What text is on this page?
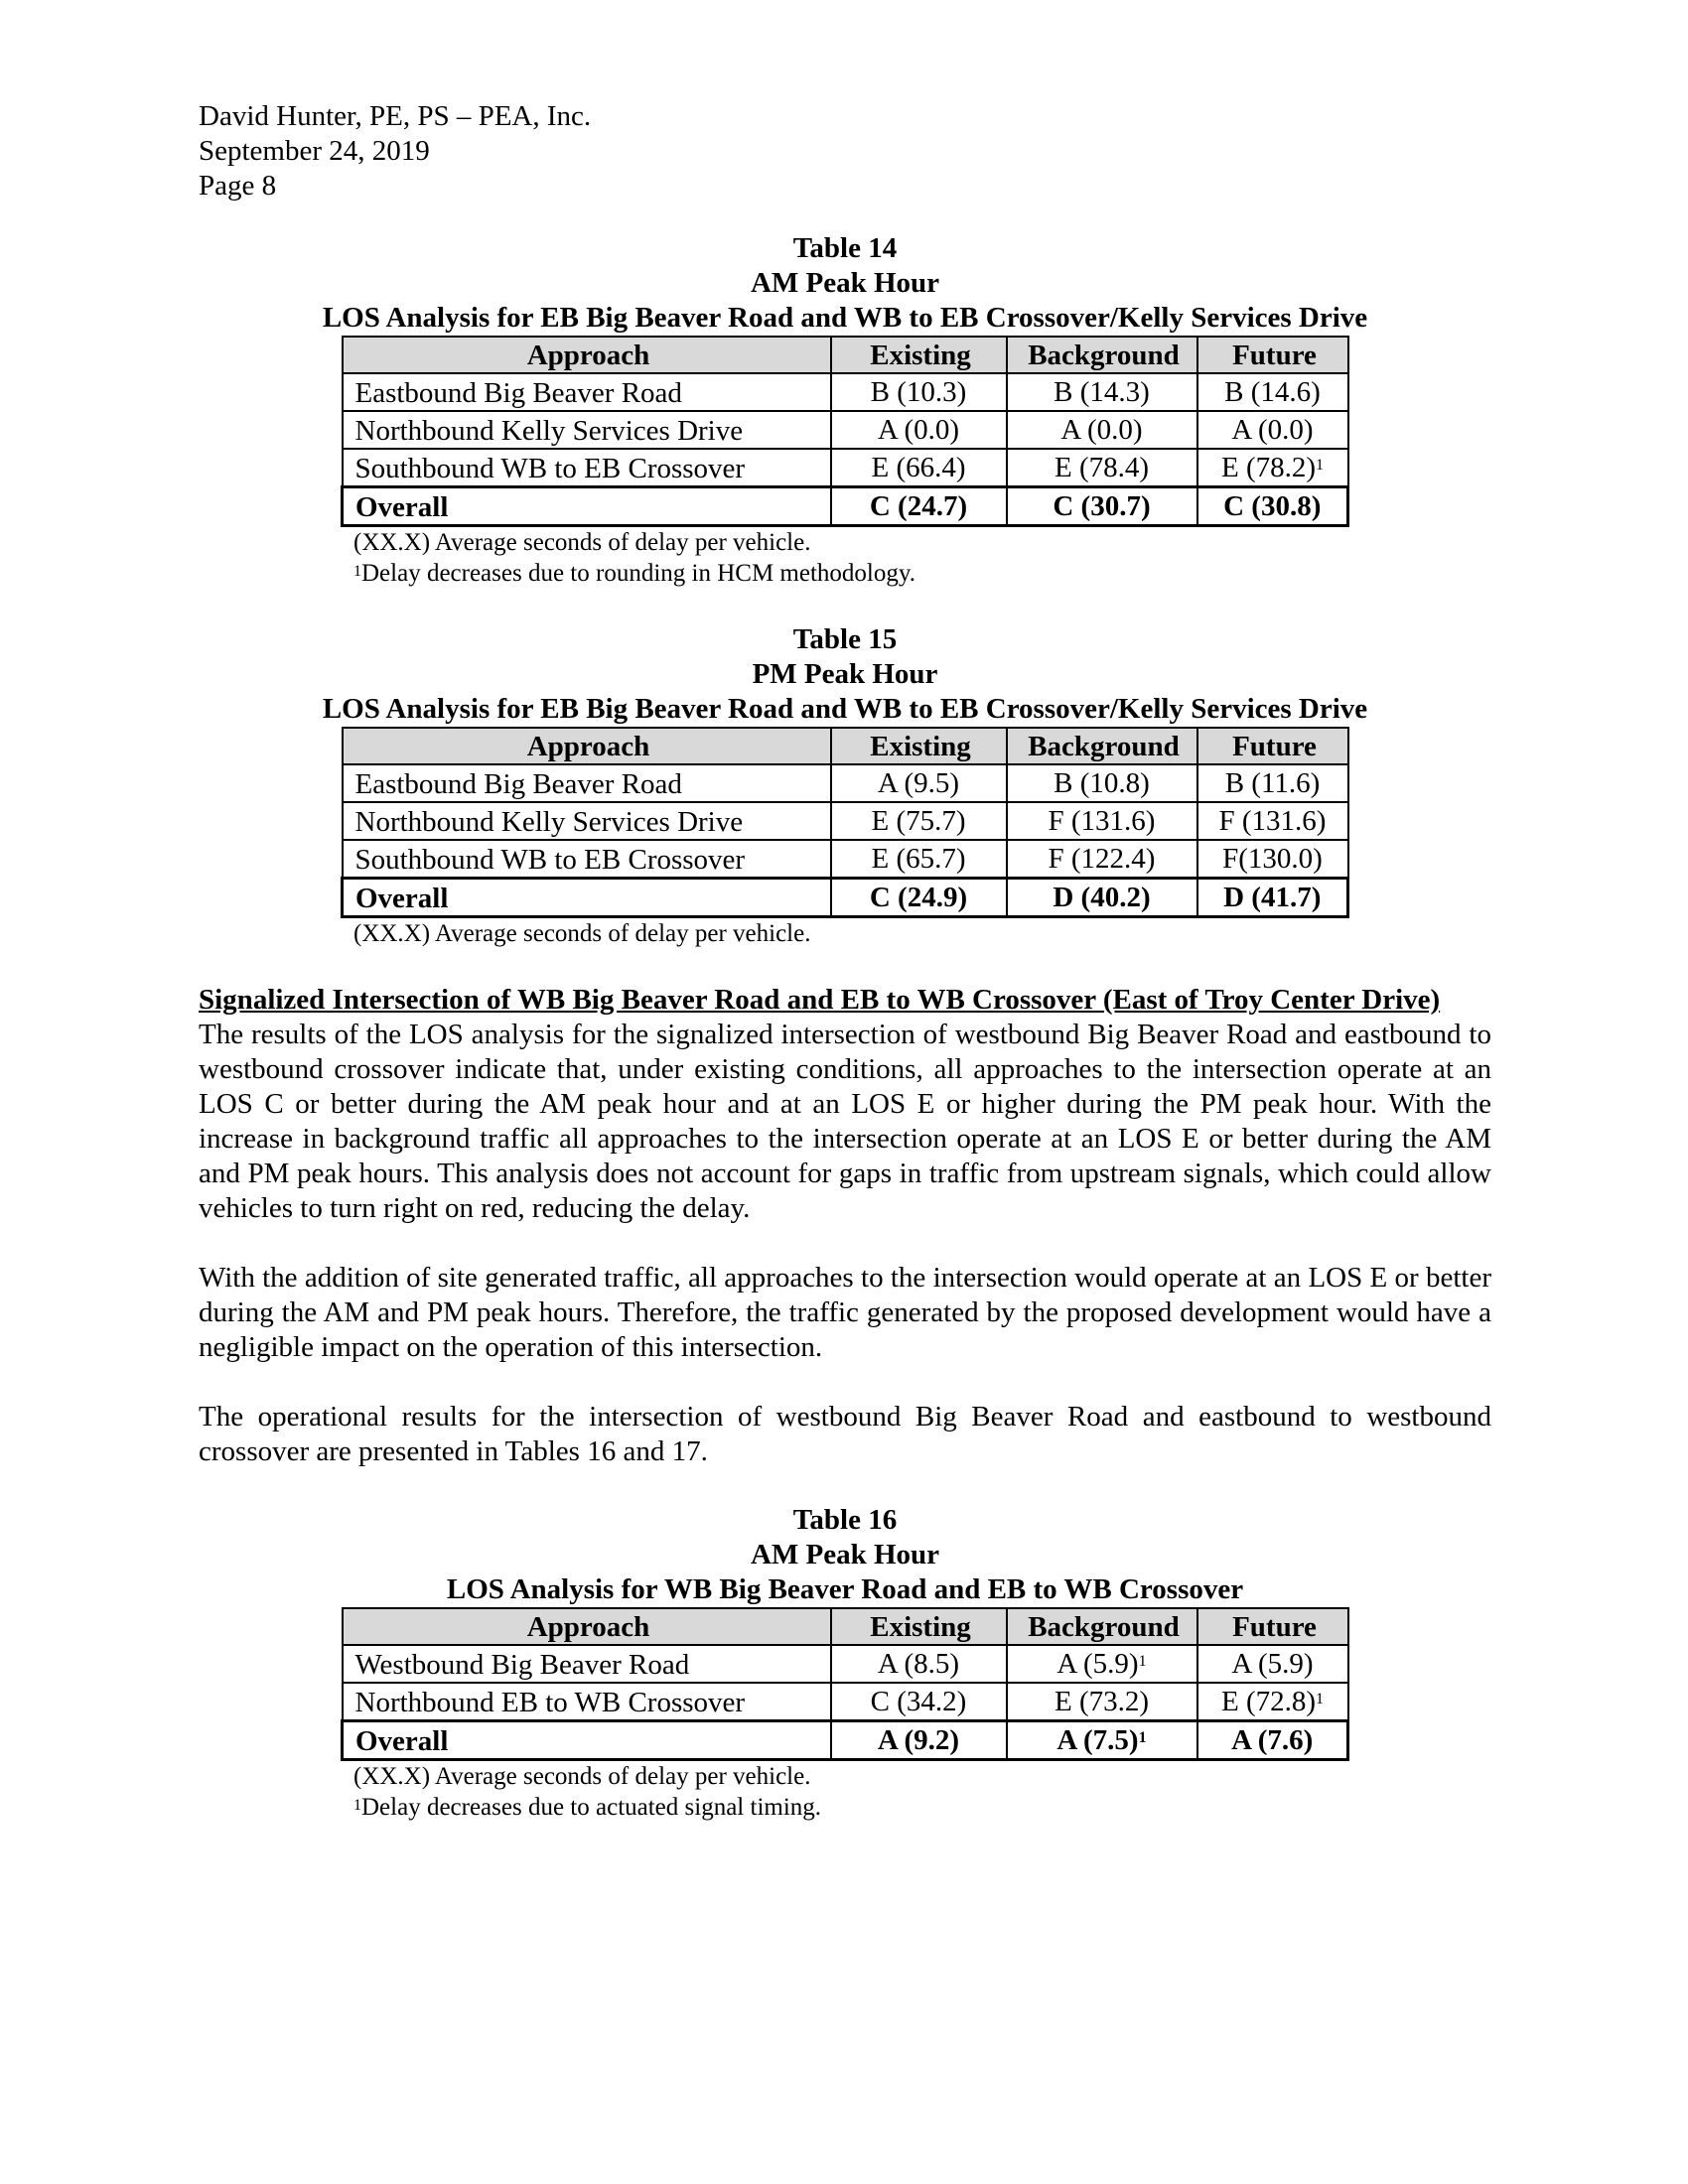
David Hunter, PE, PS – PEA, Inc.
September 24, 2019
Page 8
Table 14
AM Peak Hour
LOS Analysis for EB Big Beaver Road and WB to EB Crossover/Kelly Services Drive
Approach	Existing	Background	Future
Eastbound Big Beaver Road	B (10.3)	B (14.3)	B (14.6)
Northbound Kelly Services Drive	A (0.0)	A (0.0)	A (0.0)
Southbound WB to EB Crossover	E (66.4)	E (78.4)	E $(78.2)^1$
Overall	C (24.7)	C (30.7)	C (30.8)
(XX.X) Average seconds of delay per vehicle.
$^1$Delay decreases due to rounding in HCM methodology.
Table 15
PM Peak Hour
LOS Analysis for EB Big Beaver Road and WB to EB Crossover/Kelly Services Drive
Approach	Existing	Background	Future
Eastbound Big Beaver Road	A (9.5)	B (10.8)	B (11.6)
Northbound Kelly Services Drive	E (75.7)	F (131.6)	F (131.6)
Southbound WB to EB Crossover	E (65.7)	F (122.4)	F(130.0)
Overall	C (24.9)	D (40.2)	D (41.7)
(XX.X) Average seconds of delay per vehicle.
Signalized Intersection of WB Big Beaver Road and EB to WB Crossover (East of Troy Center Drive)

The results of the LOS analysis for the signalized intersection of westbound Big Beaver Road and eastbound to westbound crossover indicate that, under existing conditions, all approaches to the intersection operate at an LOS C or better during the AM peak hour and at an LOS E or higher during the PM peak hour. With the increase in background traffic all approaches to the intersection operate at an LOS E or better during the AM and PM peak hours. This analysis does not account for gaps in traffic from upstream signals, which could allow vehicles to turn right on red, reducing the delay.

With the addition of site generated traffic, all approaches to the intersection would operate at an LOS E or better during the AM and PM peak hours. Therefore, the traffic generated by the proposed development would have a negligible impact on the operation of this intersection.

The operational results for the intersection of westbound Big Beaver Road and eastbound to westbound crossover are presented in Tables 16 and 17.

Table 16
AM Peak Hour
LOS Analysis for WB Big Beaver Road and EB to WB Crossover
Approach	Existing	Background	Future
Westbound Big Beaver Road	A (8.5)	A $(5.9)^1$	A (5.9)
Northbound EB to WB Crossover	C (34.2)	E (73.2)	E $(72.8)^1$
Overall	A (9.2)	A $(7.5)^1$	A (7.6)
(XX.X) Average seconds of delay per vehicle.
$^1$Delay decreases due to actuated signal timing.
